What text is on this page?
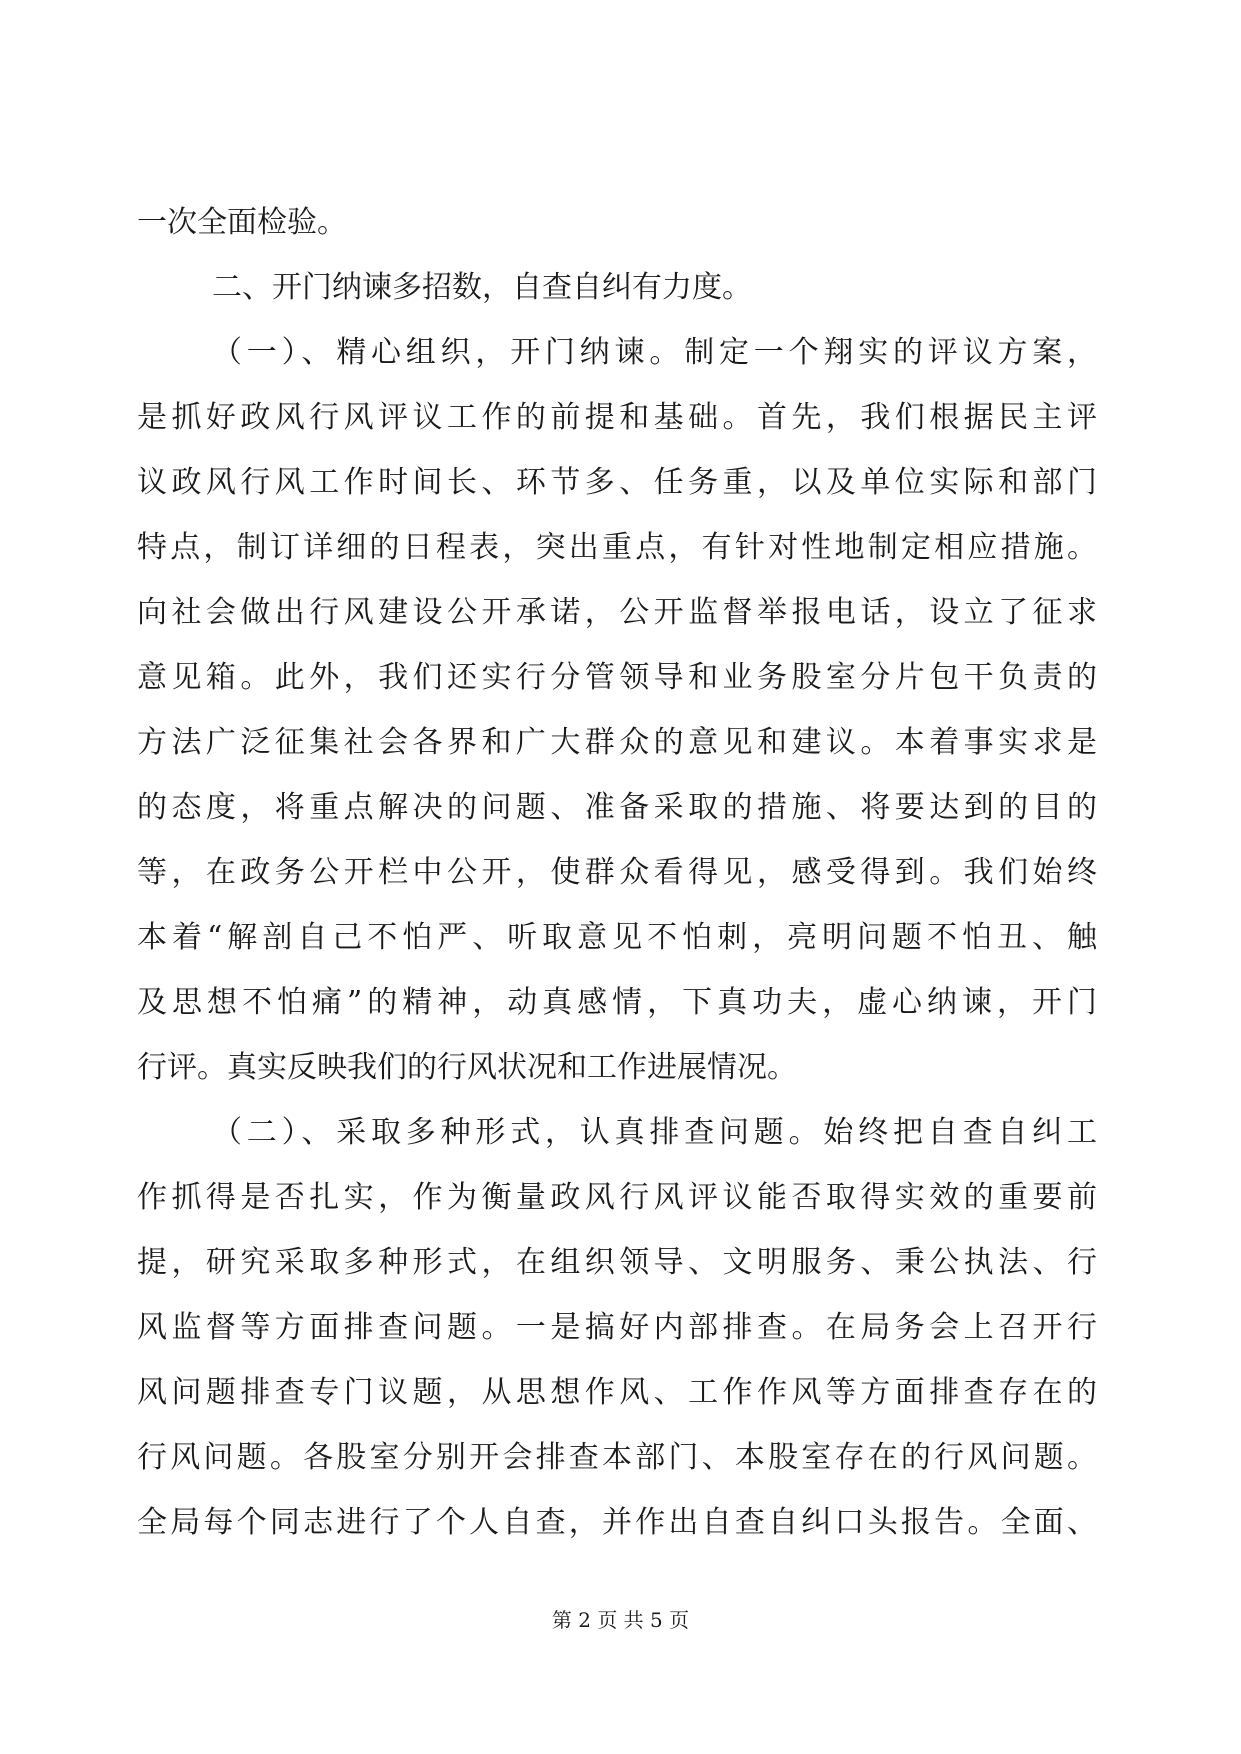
一次全面检验。
二、开门纳谏多招数，自查自纠有力度。
（一）、精心组织，开门纳谏。制定一个翔实的评议方案，
是抓好政风行风评议工作的前提和基础。首先，我们根据民主评
议政风行风工作时间长、环节多、任务重，以及单位实际和部门
特点，制订详细的日程表，突出重点，有针对性地制定相应措施。
向社会做出行风建设公开承诺，公开监督举报电话，设立了征求
意见箱。此外，我们还实行分管领导和业务股室分片包干负责的
方法广泛征集社会各界和广大群众的意见和建议。本着事实求是
的态度，将重点解决的问题、准备采取的措施、将要达到的目的
等，在政务公开栏中公开，使群众看得见，感受得到。我们始终
本着“解剖自己不怕严、听取意见不怕刺，亮明问题不怕丑、触
及思想不怕痛”的精神，动真感情，下真功夫，虚心纳谏，开门
行评。真实反映我们的行风状况和工作进展情况。
（二）、采取多种形式，认真排查问题。始终把自查自纠工
作抓得是否扎实，作为衡量政风行风评议能否取得实效的重要前
提，研究采取多种形式，在组织领导、文明服务、秉公执法、行
风监督等方面排查问题。一是搞好内部排查。在局务会上召开行
风问题排查专门议题，从思想作风、工作作风等方面排查存在的
行风问题。各股室分别开会排查本部门、本股室存在的行风问题。
全局每个同志进行了个人自查，并作出自查自纠口头报告。全面、
第 2 页 共 5 页
